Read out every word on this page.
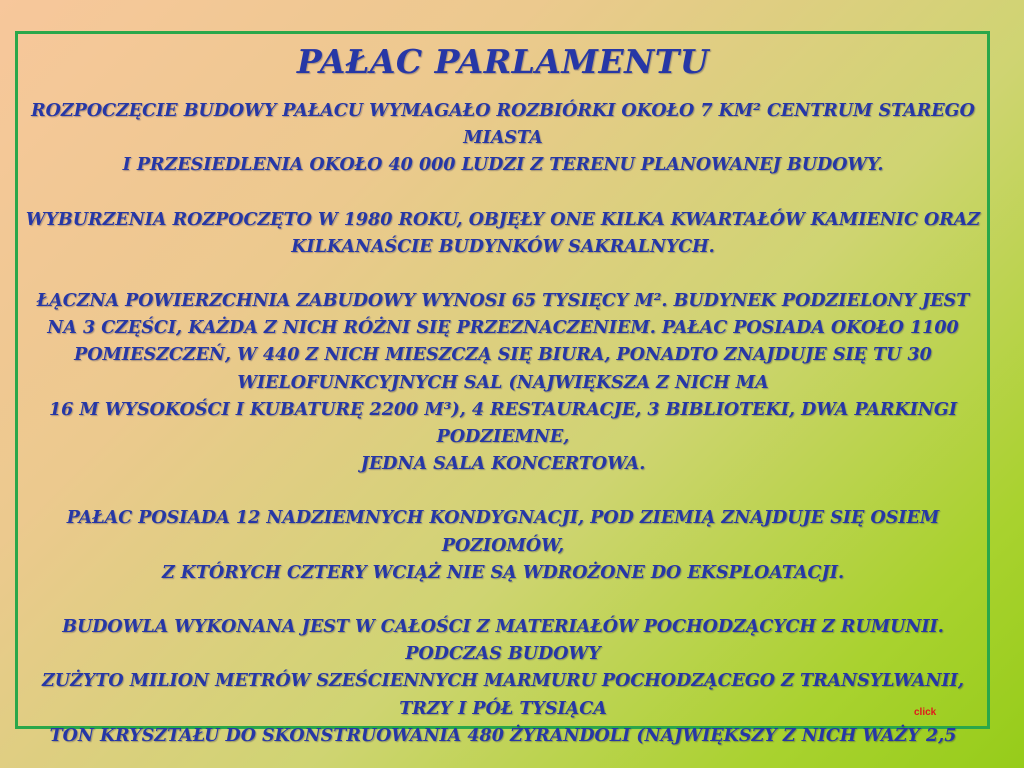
PAŁAC PARLAMENTU
ROZPOCZĘCIE BUDOWY PAŁACU WYMAGAŁO ROZBIÓRKI OKOŁO 7 KM² CENTRUM STAREGO MIASTA
I PRZESIEDLENIA OKOŁO 40 000 LUDZI Z TERENU PLANOWANEJ BUDOWY.
WYBURZENIA ROZPOCZĘTO W 1980 ROKU, OBJĘŁY ONE KILKA KWARTAŁÓW KAMIENIC ORAZ KILKANAŚCIE BUDYNKÓW SAKRALNYCH.
ŁĄCZNA POWIERZCHNIA ZABUDOWY WYNOSI 65 TYSIĘCY M². BUDYNEK PODZIELONY JEST NA 3 CZĘŚCI, KAŻDA Z NICH RÓŻNI SIĘ PRZEZNACZENIEM. PAŁAC POSIADA OKOŁO 1100 POMIESZCZEŃ, W 440 Z NICH MIESZCZĄ SIĘ BIURA, PONADTO ZNAJDUJE SIĘ TU 30 WIELOFUNKCYJNYCH SAL (NAJWIĘKSZA Z NICH MA
16 M WYSOKOŚCI I KUBATURĘ 2200 M³), 4 RESTAURACJE, 3 BIBLIOTEKI, DWA PARKINGI PODZIEMNE,
JEDNA SALA KONCERTOWA.
PAŁAC POSIADA 12 NADZIEMNYCH KONDYGNACJI, POD ZIEMIĄ ZNAJDUJE SIĘ OSIEM POZIOMÓW,
Z KTÓRYCH CZTERY WCIĄŻ NIE SĄ WDROŻONE DO EKSPLOATACJI.
BUDOWLA WYKONANA JEST W CAŁOŚCI Z MATERIAŁÓW POCHODZĄCYCH Z RUMUNII. PODCZAS BUDOWY
ZUŻYTO MILION METRÓW SZEŚCIENNYCH MARMURU POCHODZĄCEGO Z TRANSYLWANII, TRZY I PÓŁ TYSIĄCA
TON KRYSZTAŁU DO SKONSTRUOWANIA 480 ŻYRANDOLI (NAJWIĘKSZY Z NICH WAŻY 2,5
click
